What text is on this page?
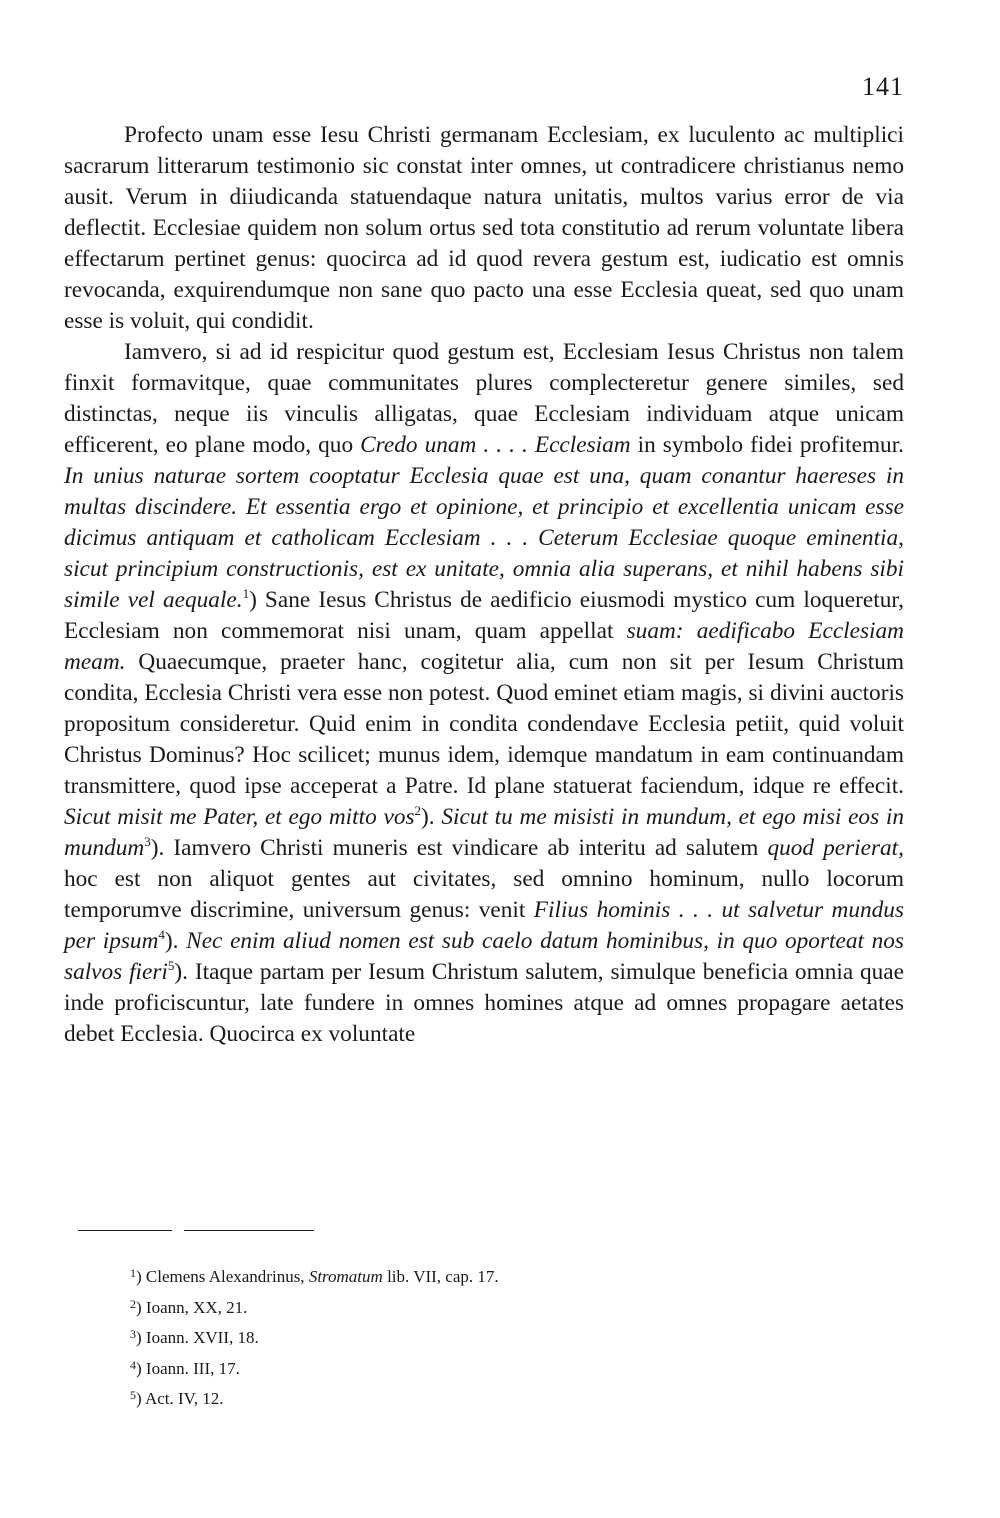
141

Profecto unam esse Iesu Christi germanam Ecclesiam, ex luculento ac multiplici sacrarum litterarum testimonio sic constat inter omnes, ut contradicere christianus nemo ausit. Verum in diiudicanda statuendaque natura unitatis, multos varius error de via deflectit. Ecclesiae quidem non solum ortus sed tota constitutio ad rerum voluntate libera effectarum pertinet genus: quocirca ad id quod revera gestum est, iudicatio est omnis revocanda, exquirendumque non sane quo pacto una esse Ecclesia queat, sed quo unam esse is voluit, qui condidit.

Iamvero, si ad id respicitur quod gestum est, Ecclesiam Iesus Christus non talem finxit formavitque, quae communitates plures complecteretur genere similes, sed distinctas, neque iis vinculis alligatas, quae Ecclesiam individuam atque unicam efficerent, eo plane modo, quo Credo unam . . . . Ecclesiam in symbolo fidei profitemur. In unius naturae sortem cooptatur Ecclesia quae est una, quam conantur haereses in multas discindere. Et essentia ergo et opinione, et principio et excellentia unicam esse dicimus antiquam et catholicam Ecclesiam . . . Ceterum Ecclesiae quoque eminentia, sicut principium constructionis, est ex unitate, omnia alia superans, et nihil habens sibi simile vel aequale.$^1$) Sane Iesus Christus de aedificio eiusmodi mystico cum loqueretur, Ecclesiam non commemorat nisi unam, quam appellat suam: aedificabo Ecclesiam meam. Quaecumque, praeter hanc, cogitetur alia, cum non sit per Iesum Christum condita, Ecclesia Christi vera esse non potest. Quod eminet etiam magis, si divini auctoris propositum consideretur. Quid enim in condita condendave Ecclesia petiit, quid voluit Christus Dominus? Hoc scilicet; munus idem, idemque mandatum in eam continuandam transmittere, quod ipse acceperat a Patre. Id plane statuerat faciendum, idque re effecit. Sicut misit me Pater, et ego mitto vos$^2$). Sicut tu me misisti in mundum, et ego misi eos in mundum$^3$). Iamvero Christi muneris est vindicare ab interitu ad salutem quod perierat, hoc est non aliquot gentes aut civitates, sed omnino hominum, nullo locorum temporumve discrimine, universum genus: venit Filius hominis . . . ut salvetur mundus per ipsum$^4$). Nec enim aliud nomen est sub caelo datum hominibus, in quo oporteat nos salvos fieri$^5$). Itaque partam per Iesum Christum salutem, simulque beneficia omnia quae inde proficiscuntur, late fundere in omnes homines atque ad omnes propagare aetates debet Ecclesia. Quocirca ex voluntate

$^1$) Clemens Alexandrinus, Stromatum lib. VII, cap. 17.
$^2$) Ioann, XX, 21.
$^3$) Ioann. XVII, 18.
$^4$) Ioann. III, 17.
$^5$) Act. IV, 12.
